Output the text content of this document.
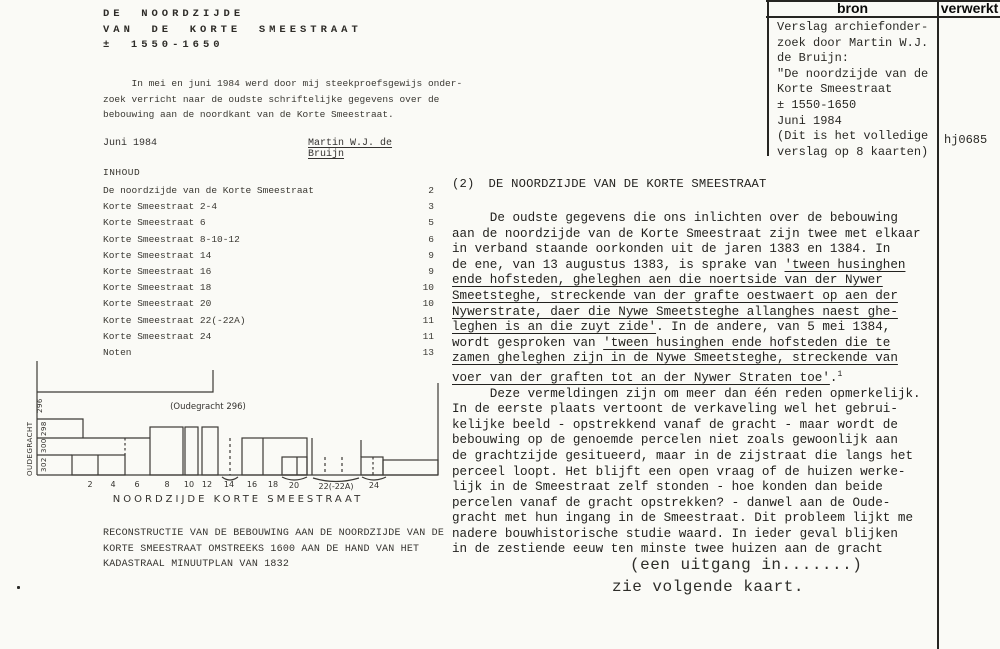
bron	verwerkt
Verslag archiefonder-
zoek door Martin W.J.
de Bruijn:
"De noordzijde van de
Korte Smeestraat
± 1550-1650
Juni 1984
(Dit is het volledige
verslag op 8 kaarten)
hj0685
DE NOORDZIJDE
VAN DE KORTE SMEESTRAAT
± 1550-1650
In mei en juni 1984 werd door mij steekproefsgewijs onder-
zoek verricht naar de oudste schriftelijke gegevens over de
bebouwing aan de noordkant van de Korte Smeestraat.
Juni 1984	Martin W.J. de Bruijn
INHOUD
De noordzijde van de Korte Smeestraat	2
Korte Smeestraat 2-4	3
Korte Smeestraat 6	5
Korte Smeestraat 8-10-12	6
Korte Smeestraat 14	9
Korte Smeestraat 16	9
Korte Smeestraat 18	10
Korte Smeestraat 20	10
Korte Smeestraat 22(-22A)	11
Korte Smeestraat 24	11
Noten	13
RECONSTRUCTIE VAN DE BEBOUWING AAN DE NOORDZIJDE VAN DE
KORTE SMEESTRAAT OMSTREEKS 1600 AAN DE HAND VAN HET
KADASTRAAL MINUUTPLAN VAN 1832
(Oudegracht 296)
OUDEGRACHT
296
298
300
302
2 4 6	8 10 12 14 16 18 20 22(-22A) 24
NOORDZIJDE KORTE SMEESTRAAT
(2) DE NOORDZIJDE VAN DE KORTE SMEESTRAAT
De oudste gegevens die ons inlichten over de bebouwing
aan de noordzijde van de Korte Smeestraat zijn twee met elkaar
in verband staande oorkonden uit de jaren 1383 en 1384. In
de ene, van 13 augustus 1383, is sprake van 'tween husinghen
ende hofsteden, gheleghen aen die noertside van der Nywer
Smeetsteghe, streckende van der grafte oestwaert op aen der
Nywerstrate, daer die Nywe Smeetsteghe allanghes naest ghe-
leghen is an die zuyt zide'. In de andere, van 5 mei 1384,
wordt gesproken van 'tween husinghen ende hofsteden die te
zamen gheleghen zijn in de Nywe Smeetsteghe, streckende van
voer van der graften tot an der Nywer Straten toe'.$^1$
Deze vermeldingen zijn om meer dan één reden opmerkelijk.
In de eerste plaats vertoont de verkaveling wel het gebrui-
kelijke beeld - opstrekkend vanaf de gracht - maar wordt de
bebouwing op de genoemde percelen niet zoals gewoonlijk aan
de grachtzijde gesitueerd, maar in de zijstraat die langs het
perceel loopt. Het blijft een open vraag of de huizen werke-
lijk in de Smeestraat zelf stonden - hoe konden dan beide
percelen vanaf de gracht opstrekken? - danwel aan de Oude-
gracht met hun ingang in de Smeestraat. Dit probleem lijkt me
nadere bouwhistorische studie waard. In ieder geval blijken
in de zestiende eeuw ten minste twee huizen aan de gracht
(een uitgang in.......)
zie volgende kaart.
